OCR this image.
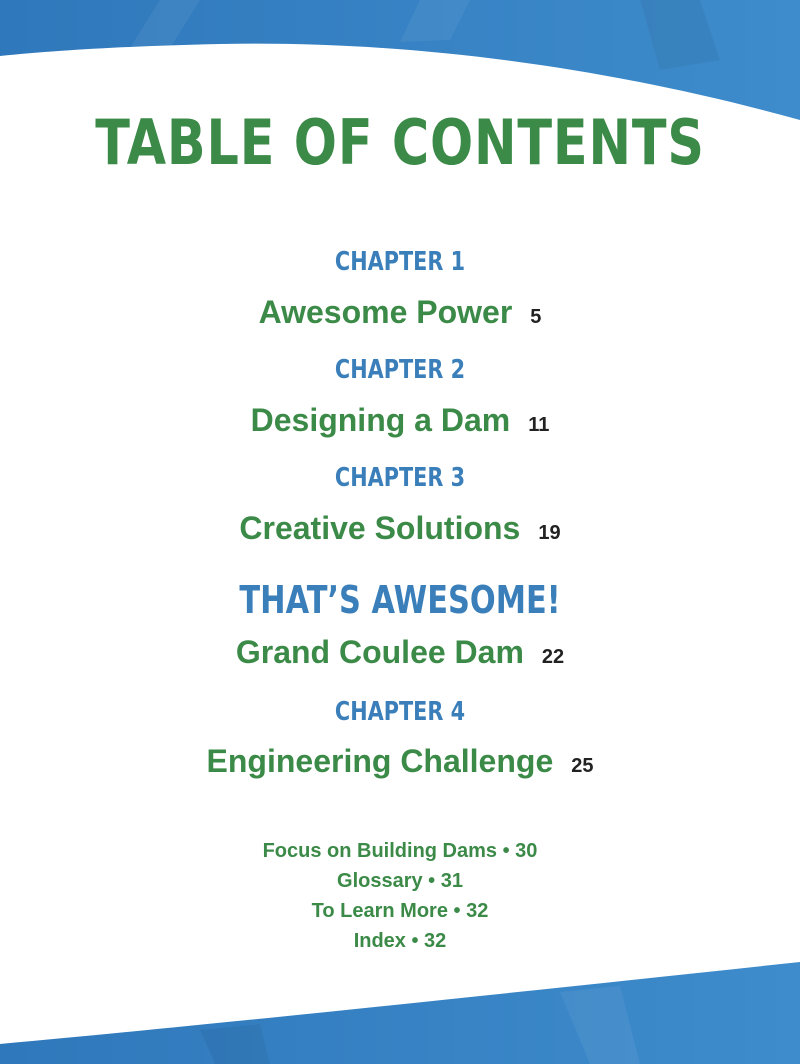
TABLE OF CONTENTS
CHAPTER 1
Awesome Power 5
CHAPTER 2
Designing a Dam 11
CHAPTER 3
Creative Solutions 19
THAT’S AWESOME!
Grand Coulee Dam 22
CHAPTER 4
Engineering Challenge 25
Focus on Building Dams • 30
Glossary • 31
To Learn More • 32
Index • 32
